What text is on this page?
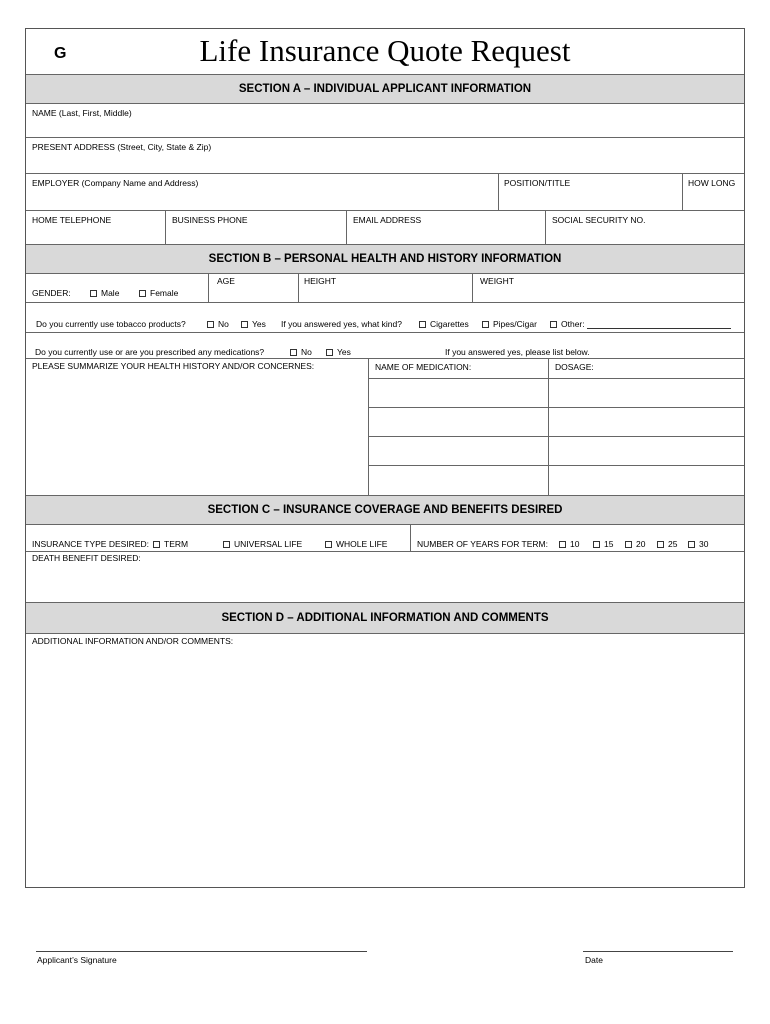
G	Life Insurance Quote Request
SECTION A – INDIVIDUAL APPLICANT INFORMATION
NAME (Last, First, Middle)
PRESENT ADDRESS (Street, City, State & Zip)
EMPLOYER (Company Name and Address)	POSITION/TITLE	HOW LONG
HOME TELEPHONE	BUSINESS PHONE	EMAIL ADDRESS	SOCIAL SECURITY NO.
SECTION B – PERSONAL HEALTH AND HISTORY INFORMATION
GENDER:	Male	Female
AGE	HEIGHT	WEIGHT
Do you currently use tobacco products?	No	Yes If you answered yes, what kind?	Cigarettes	Pipes/Cigar	Other:
Do you currently use or are you prescribed any medications?	No	Yes	If you answered yes, please list below.
PLEASE SUMMARIZE YOUR HEALTH HISTORY AND/OR CONCERNES:	NAME OF MEDICATION:	DOSAGE:
SECTION C – INSURANCE COVERAGE AND BENEFITS DESIRED
INSURANCE TYPE DESIRED:	TERM	UNIVERSAL LIFE	WHOLE LIFE	NUMBER OF YEARS FOR TERM:	10	15	20	25	30
DEATH BENEFIT DESIRED:
SECTION D – ADDITIONAL INFORMATION AND COMMENTS
ADDITIONAL INFORMATION AND/OR COMMENTS:
Applicant’s Signature	Date
